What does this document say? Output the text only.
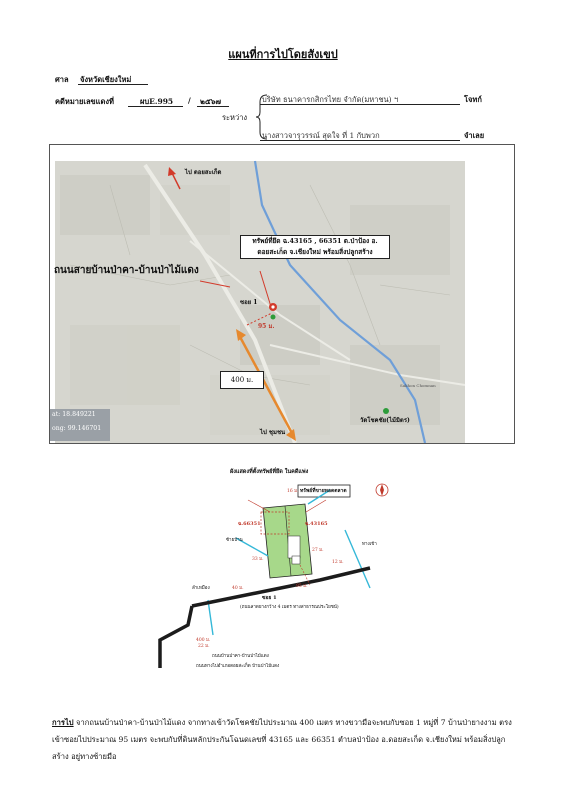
แผนที่การไปโดยสังเขป
ศาล จังหวัดเชียงใหม่
คดีหมายเลขแดงที่	ผบE.995 / ๒๕๖๗
ระหว่าง
บริษัท ธนาคารกสิกรไทย จำกัด(มหาชน) ฯ	โจทก์
นางสาวจารุวรรณ์ สุดใจ ที่ 1 กับพวก	จำเลย
ไป ดอยสะเก็ด
ถนนสายบ้านป่าคา-บ้านป่าไม้แดง
ทรัพย์ที่ยึด ฉ.43165 , 66351 ต.ป่าป้อง อ.
ดอยสะเก็ด จ.เชียงใหม่ พร้อมสิ่งปลูกสร้าง
ซอย 1
95 ม.
400 ม.
at: 18.849221
ong: 99.146701
ไป ชุมชน
วัดโชคชัย(ไม้มิตร)
Sakhon Chomnan
ผังแสดงที่ตั้งทรัพย์ที่ยึด ในคดีแพ่ง
ทรัพย์ที่ขายทอดตลาด
ฉ.66351	ฉ.43165
ซ้ายบ้าน
ทางเข้า
ลำเหมือง
16 ม.
27 ม.
33 ม.
40 ม.
12 ม.
22 ม.
95 ม.
ซอย 1
(ถนนลาดยางกว้าง 4 เมตร ทางสาธารณประโยชน์)
ถนนบ้านป่าคา-บ้านป่าไม้แดง
ถนนทางไปอำเภอดอยสะเก็ด บ้านป่าไม้แดง
400 ม.
การไป จากถนนบ้านป่าคา-บ้านป่าไม้แดง จากทางเข้าวัดโชคชัยไปประมาณ 400 เมตร ทางขวามือจะพบกับซอย 1 หมู่ที่ 7 บ้านป่ายางงาม ตรงเข้าซอยไปประมาณ 95 เมตร จะพบกับที่ดินหลักประกันโฉนดเลขที่ 43165 และ 66351 ตำบลป่าป้อง อ.ดอยสะเก็ด จ.เชียงใหม่ พร้อมสิ่งปลูกสร้าง อยู่ทางซ้ายมือ
